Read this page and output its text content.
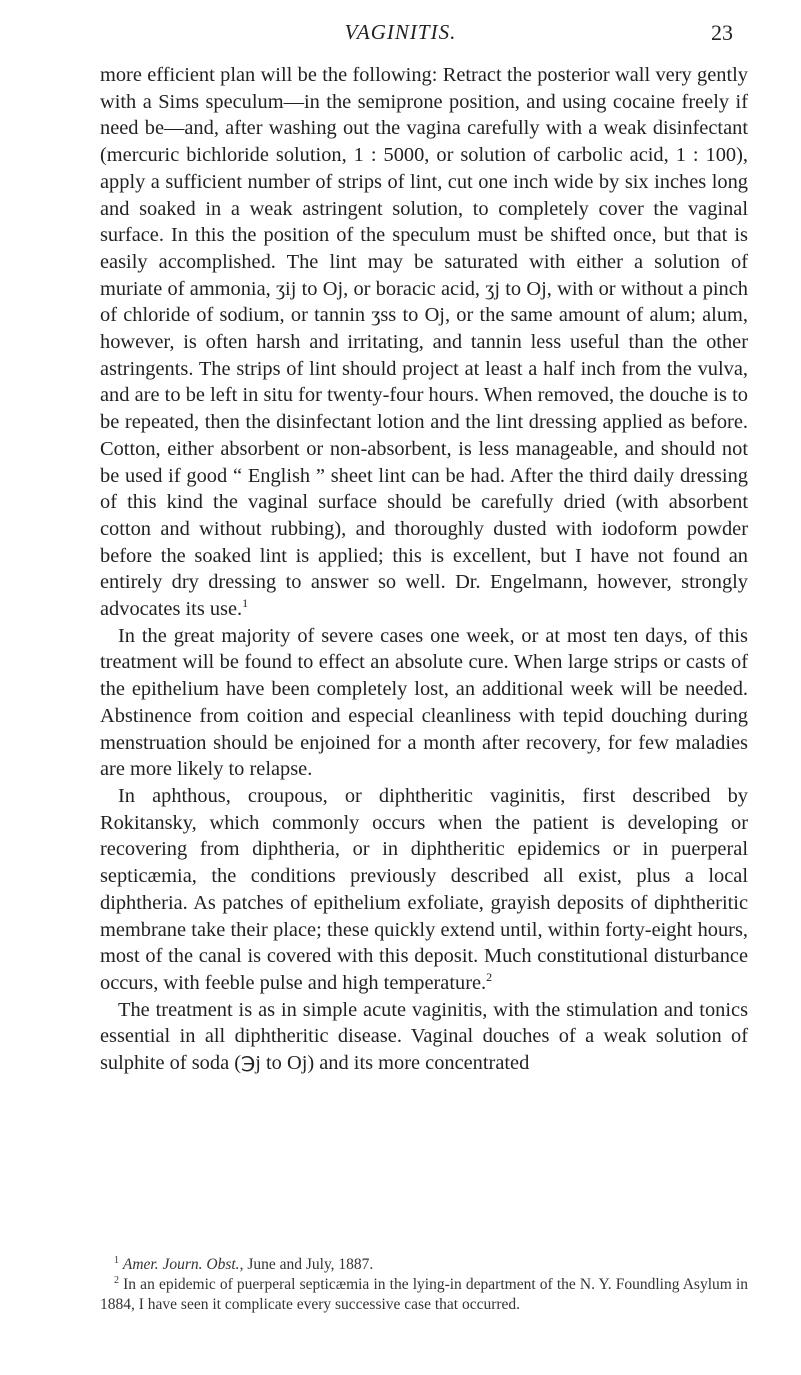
VAGINITIS.	23

more efficient plan will be the following: Retract the posterior wall very gently with a Sims speculum—in the semiprone position, and using cocaine freely if need be—and, after washing out the vagina carefully with a weak disinfectant (mercuric bichloride solution, 1 : 5000, or solution of carbolic acid, 1 : 100), apply a sufficient number of strips of lint, cut one inch wide by six inches long and soaked in a weak astringent solution, to completely cover the vaginal surface. In this the position of the speculum must be shifted once, but that is easily accomplished. The lint may be saturated with either a solution of muriate of ammonia, ʒij to Oj, or boracic acid, ʒj to Oj, with or without a pinch of chloride of sodium, or tannin ʒss to Oj, or the same amount of alum; alum, however, is often harsh and irritating, and tannin less useful than the other astringents. The strips of lint should project at least a half inch from the vulva, and are to be left in situ for twenty-four hours. When removed, the douche is to be repeated, then the disinfectant lotion and the lint dressing applied as before. Cotton, either absorbent or non-absorbent, is less manageable, and should not be used if good “ English ” sheet lint can be had. After the third daily dressing of this kind the vaginal surface should be carefully dried (with absorbent cotton and without rubbing), and thoroughly dusted with iodoform powder before the soaked lint is applied; this is excellent, but I have not found an entirely dry dressing to answer so well. Dr. Engelmann, however, strongly advocates its use.$^1$

In the great majority of severe cases one week, or at most ten days, of this treatment will be found to effect an absolute cure. When large strips or casts of the epithelium have been completely lost, an additional week will be needed. Abstinence from coition and especial cleanliness with tepid douching during menstruation should be enjoined for a month after recovery, for few maladies are more likely to relapse.

In aphthous, croupous, or diphtheritic vaginitis, first described by Rokitansky, which commonly occurs when the patient is developing or recovering from diphtheria, or in diphtheritic epidemics or in puerperal septicæmia, the conditions previously described all exist, plus a local diphtheria. As patches of epithelium exfoliate, grayish deposits of diphtheritic membrane take their place; these quickly extend until, within forty-eight hours, most of the canal is covered with this deposit. Much constitutional disturbance occurs, with feeble pulse and high temperature.$^2$

The treatment is as in simple acute vaginitis, with the stimulation and tonics essential in all diphtheritic disease. Vaginal douches of a weak solution of sulphite of soda (℈j to Oj) and its more concentrated

$^1$ Amer. Journ. Obst., June and July, 1887.

$^2$ In an epidemic of puerperal septicæmia in the lying-in department of the N. Y. Foundling Asylum in 1884, I have seen it complicate every successive case that occurred.
